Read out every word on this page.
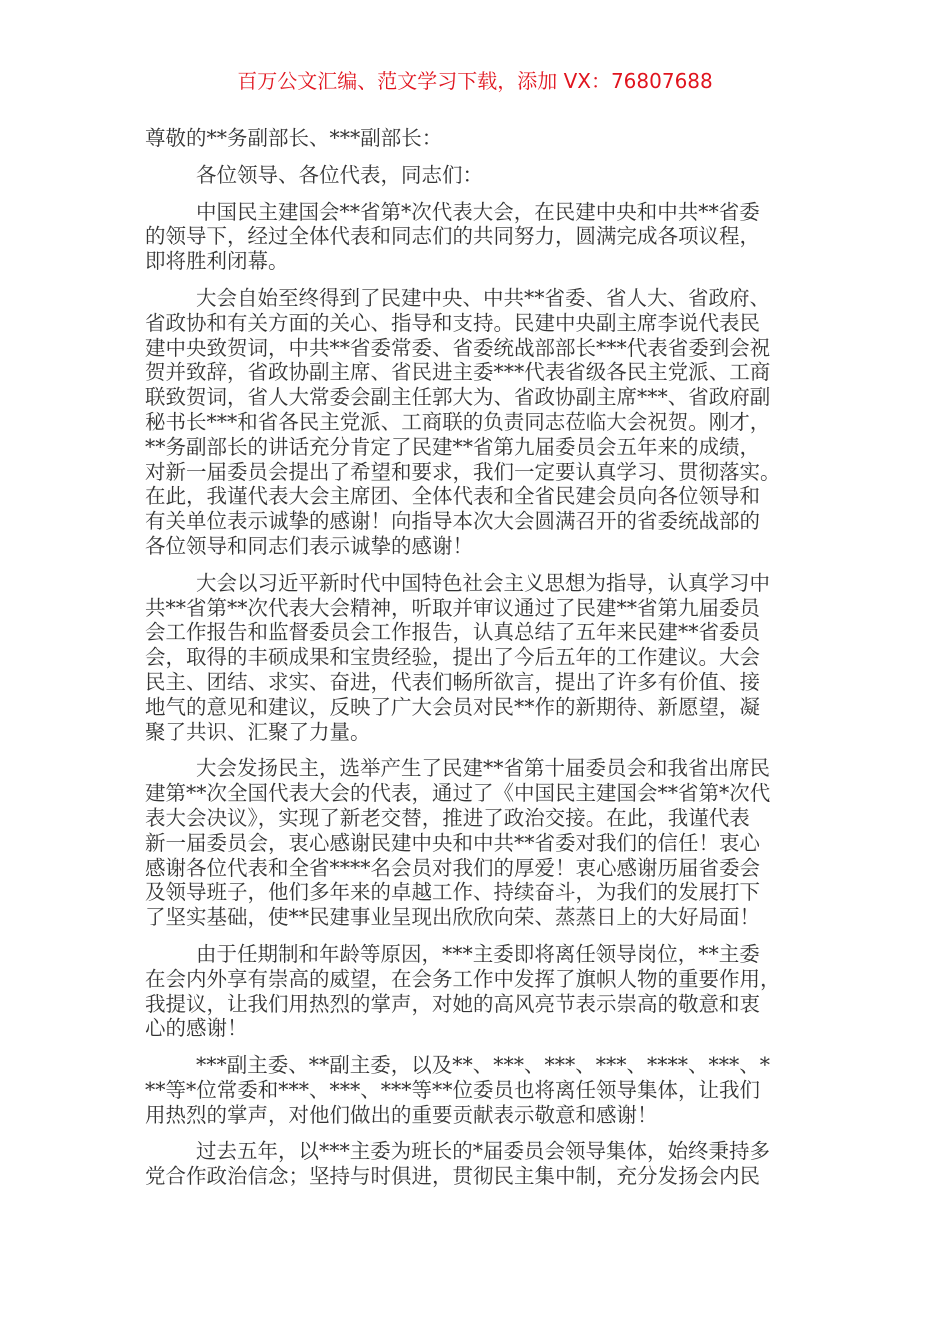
百万公文汇编、范文学习下载，添加 VX：76807688
尊敬的**务副部长、***副部长：
各位领导、各位代表，同志们：
中国民主建国会**省第*次代表大会，在民建中央和中共**省委
的领导下，经过全体代表和同志们的共同努力，圆满完成各项议程，
即将胜利闭幕。
大会自始至终得到了民建中央、中共**省委、省人大、省政府、
省政协和有关方面的关心、指导和支持。民建中央副主席李说代表民
建中央致贺词，中共**省委常委、省委统战部部长***代表省委到会祝
贺并致辞，省政协副主席、省民进主委***代表省级各民主党派、工商
联致贺词，省人大常委会副主任郭大为、省政协副主席***、省政府副
秘书长***和省各民主党派、工商联的负责同志莅临大会祝贺。刚才，
**务副部长的讲话充分肯定了民建**省第九届委员会五年来的成绩，
对新一届委员会提出了希望和要求，我们一定要认真学习、贯彻落实。
在此，我谨代表大会主席团、全体代表和全省民建会员向各位领导和
有关单位表示诚挚的感谢！向指导本次大会圆满召开的省委统战部的
各位领导和同志们表示诚挚的感谢！
大会以习近平新时代中国特色社会主义思想为指导，认真学习中
共**省第**次代表大会精神，听取并审议通过了民建**省第九届委员
会工作报告和监督委员会工作报告，认真总结了五年来民建**省委员
会，取得的丰硕成果和宝贵经验，提出了今后五年的工作建议。大会
民主、团结、求实、奋进，代表们畅所欲言，提出了许多有价值、接
地气的意见和建议，反映了广大会员对民**作的新期待、新愿望，凝
聚了共识、汇聚了力量。
大会发扬民主，选举产生了民建**省第十届委员会和我省出席民
建第**次全国代表大会的代表，通过了《中国民主建国会**省第*次代
表大会决议》，实现了新老交替，推进了政治交接。在此，我谨代表
新一届委员会，衷心感谢民建中央和中共**省委对我们的信任！衷心
感谢各位代表和全省****名会员对我们的厚爱！衷心感谢历届省委会
及领导班子，他们多年来的卓越工作、持续奋斗，为我们的发展打下
了坚实基础，使**民建事业呈现出欣欣向荣、蒸蒸日上的大好局面！
由于任期制和年龄等原因，***主委即将离任领导岗位，**主委
在会内外享有崇高的威望，在会务工作中发挥了旗帜人物的重要作用，
我提议，让我们用热烈的掌声，对她的高风亮节表示崇高的敬意和衷
心的感谢！
***副主委、**副主委，以及**、***、***、***、****、***、*
**等*位常委和***、***、***等**位委员也将离任领导集体，让我们
用热烈的掌声，对他们做出的重要贡献表示敬意和感谢！
过去五年，以***主委为班长的*届委员会领导集体，始终秉持多
党合作政治信念；坚持与时俱进，贯彻民主集中制，充分发扬会内民
